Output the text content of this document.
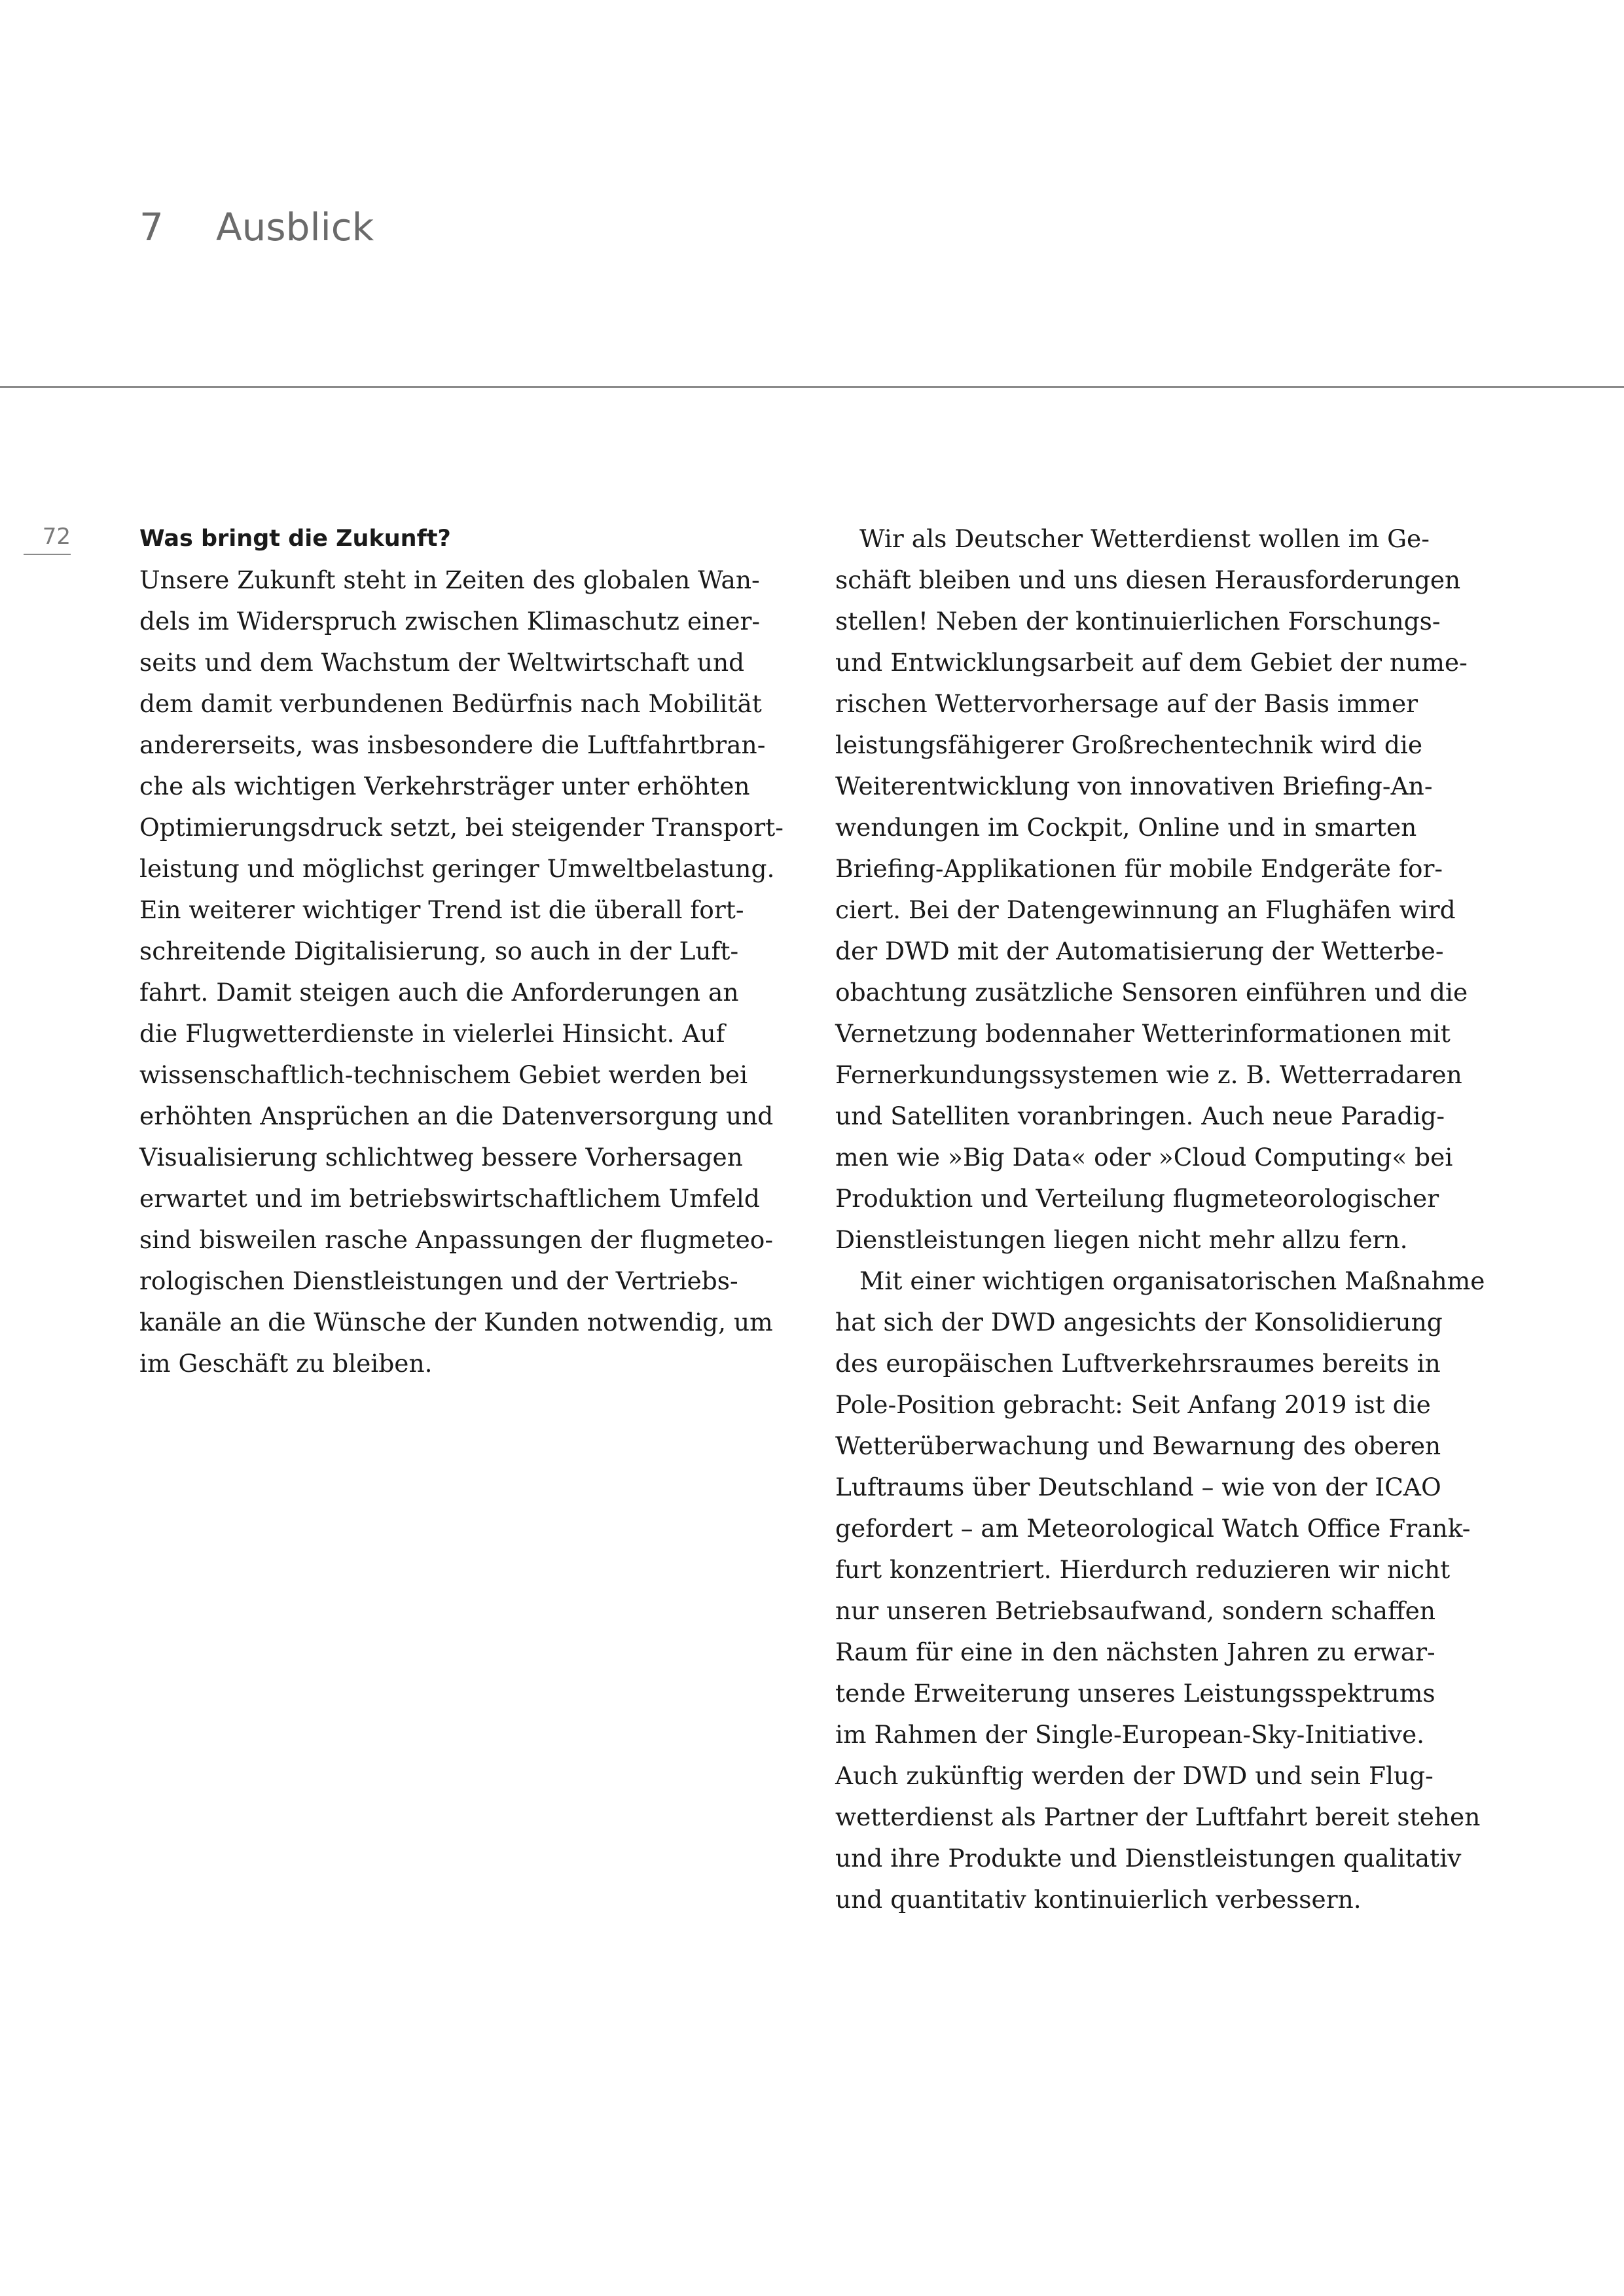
7 Ausblick
72	Was bringt die Zukunft?

Unsere Zukunft steht in Zeiten des globalen Wan-
dels im Widerspruch zwischen Klimaschutz einer-
seits und dem Wachstum der Weltwirtschaft und
dem damit verbundenen Bedürfnis nach Mobilität
andererseits, was insbesondere die Luftfahrtbran-
che als wichtigen Verkehrsträger unter erhöhten
Optimierungsdruck setzt, bei steigender Transport-
leistung und möglichst geringer Umweltbelastung.
Ein weiterer wichtiger Trend ist die überall fort-
schreitende Digitalisierung, so auch in der Luft-
fahrt. Damit steigen auch die Anforderungen an
die Flugwetterdienste in vielerlei Hinsicht. Auf
wissenschaftlich-technischem Gebiet werden bei
erhöhten Ansprüchen an die Datenversorgung und
Visualisierung schlichtweg bessere Vorhersagen
erwartet und im betriebswirtschaftlichem Umfeld
sind bisweilen rasche Anpassungen der flugmeteo-
rologischen Dienstleistungen und der Vertriebs-
kanäle an die Wünsche der Kunden notwendig, um
im Geschäft zu bleiben.

Wir als Deutscher Wetterdienst wollen im Ge-
schäft bleiben und uns diesen Herausforderungen
stellen! Neben der kontinuierlichen Forschungs-
und Entwicklungsarbeit auf dem Gebiet der nume-
rischen Wettervorhersage auf der Basis immer
leistungsfähigerer Großrechentechnik wird die
Weiterentwicklung von innovativen Briefing-An-
wendungen im Cockpit, Online und in smarten
Briefing-Applikationen für mobile Endgeräte for-
ciert. Bei der Datengewinnung an Flughäfen wird
der DWD mit der Automatisierung der Wetterbe-
obachtung zusätzliche Sensoren einführen und die
Vernetzung bodennaher Wetterinformationen mit
Fernerkundungssystemen wie z. B. Wetterradaren
und Satelliten voranbringen. Auch neue Paradig-
men wie »Big Data« oder »Cloud Computing« bei
Produktion und Verteilung flugmeteorologischer
Dienstleistungen liegen nicht mehr allzu fern.

Mit einer wichtigen organisatorischen Maßnahme
hat sich der DWD angesichts der Konsolidierung
des europäischen Luftverkehrsraumes bereits in
Pole-Position gebracht: Seit Anfang 2019 ist die
Wetterüberwachung und Bewarnung des oberen
Luftraums über Deutschland – wie von der ICAO
gefordert – am Meteorological Watch Office Frank-
furt konzentriert. Hierdurch reduzieren wir nicht
nur unseren Betriebsaufwand, sondern schaffen
Raum für eine in den nächsten Jahren zu erwar-
tende Erweiterung unseres Leistungsspektrums
im Rahmen der Single-European-Sky-Initiative.
Auch zukünftig werden der DWD und sein Flug-
wetterdienst als Partner der Luftfahrt bereit stehen
und ihre Produkte und Dienstleistungen qualitativ
und quantitativ kontinuierlich verbessern.
